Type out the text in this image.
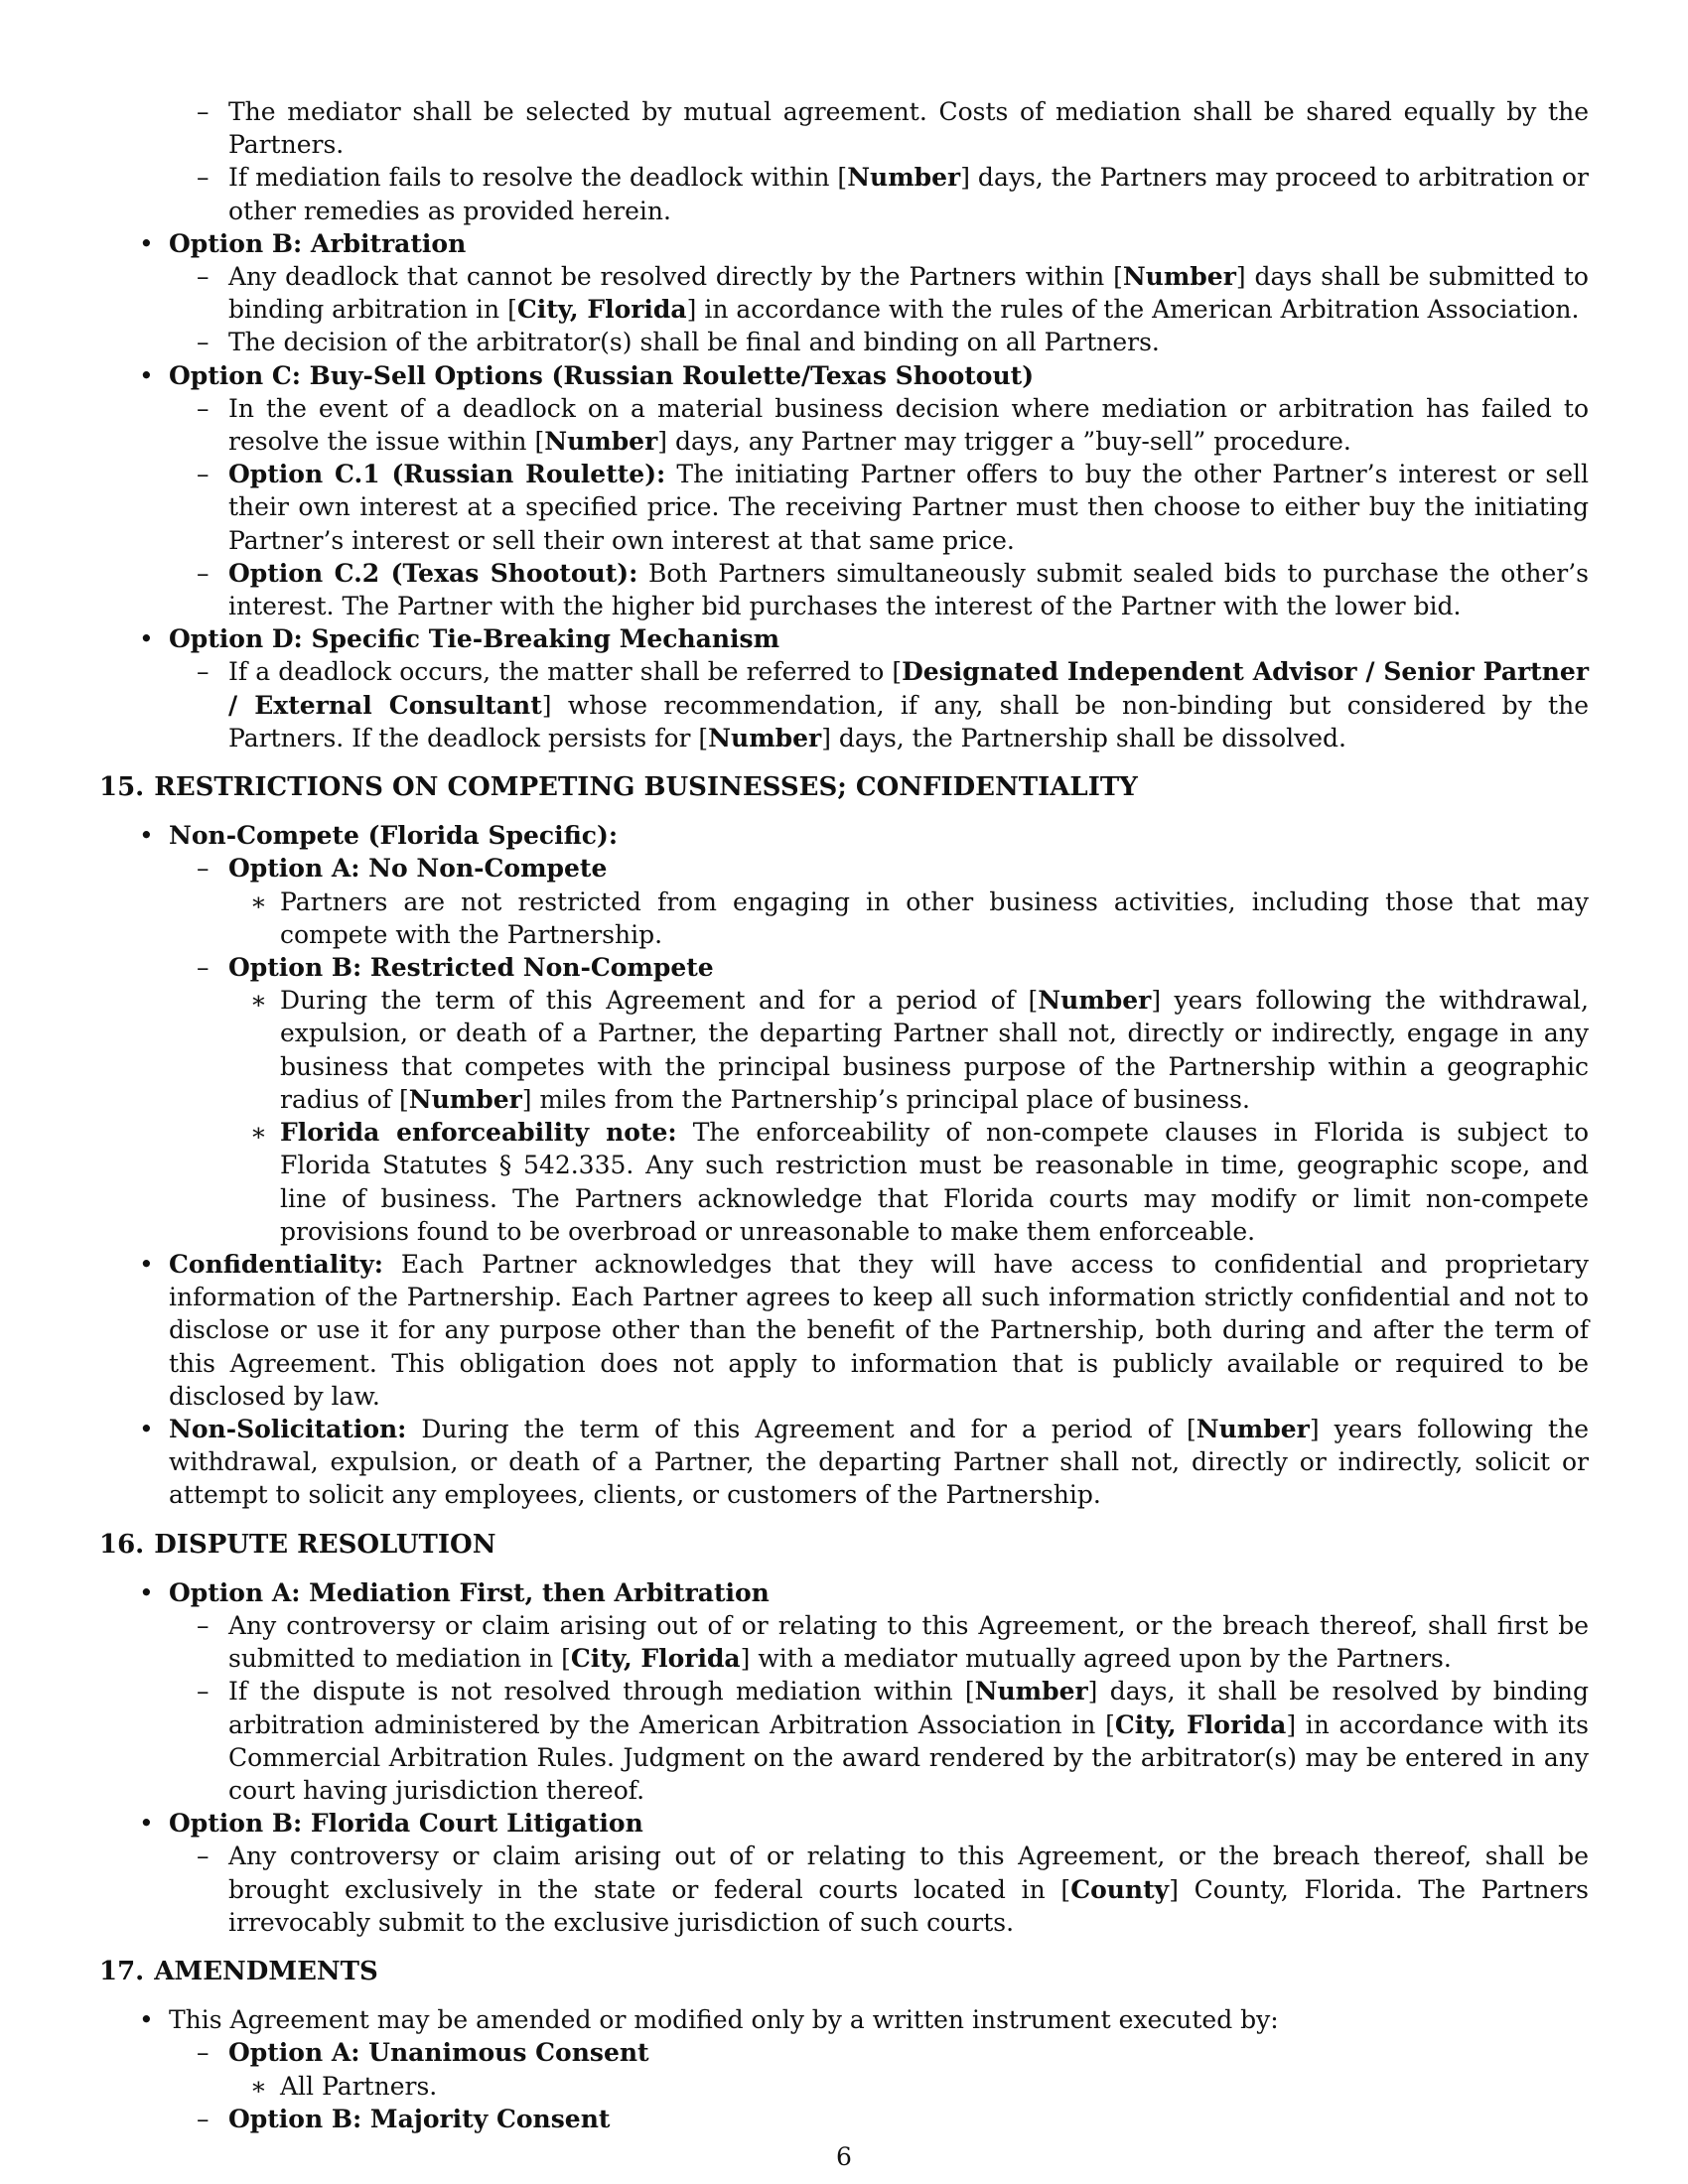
– The mediator shall be selected by mutual agreement. Costs of mediation shall be shared equally by the Partners.
– If mediation fails to resolve the deadlock within [Number] days, the Partners may proceed to arbitration or other remedies as provided herein.
• Option B: Arbitration
– Any deadlock that cannot be resolved directly by the Partners within [Number] days shall be submitted to binding arbitration in [City, Florida] in accordance with the rules of the American Arbitration Association.
– The decision of the arbitrator(s) shall be final and binding on all Partners.
• Option C: Buy-Sell Options (Russian Roulette/Texas Shootout)
– In the event of a deadlock on a material business decision where mediation or arbitration has failed to resolve the issue within [Number] days, any Partner may trigger a ”buy-sell” procedure.
– Option C.1 (Russian Roulette): The initiating Partner offers to buy the other Partner’s interest or sell their own interest at a specified price. The receiving Partner must then choose to either buy the initiating Partner’s interest or sell their own interest at that same price.
– Option C.2 (Texas Shootout): Both Partners simultaneously submit sealed bids to purchase the other’s interest. The Partner with the higher bid purchases the interest of the Partner with the lower bid.
• Option D: Specific Tie-Breaking Mechanism
– If a deadlock occurs, the matter shall be referred to [Designated Independent Advisor / Senior Partner / External Consultant] whose recommendation, if any, shall be non-binding but considered by the Partners. If the deadlock persists for [Number] days, the Partnership shall be dissolved.
15. RESTRICTIONS ON COMPETING BUSINESSES; CONFIDENTIALITY
• Non-Compete (Florida Specific):
– Option A: No Non-Compete
∗ Partners are not restricted from engaging in other business activities, including those that may compete with the Partnership.
– Option B: Restricted Non-Compete
∗ During the term of this Agreement and for a period of [Number] years following the withdrawal, expulsion, or death of a Partner, the departing Partner shall not, directly or indirectly, engage in any business that competes with the principal business purpose of the Partnership within a geographic radius of [Number] miles from the Partnership’s principal place of business.
∗ Florida enforceability note: The enforceability of non-compete clauses in Florida is subject to Florida Statutes § 542.335. Any such restriction must be reasonable in time, geographic scope, and line of business. The Partners acknowledge that Florida courts may modify or limit non-compete provisions found to be overbroad or unreasonable to make them enforceable.
• Confidentiality: Each Partner acknowledges that they will have access to confidential and proprietary information of the Partnership. Each Partner agrees to keep all such information strictly confidential and not to disclose or use it for any purpose other than the benefit of the Partnership, both during and after the term of this Agreement. This obligation does not apply to information that is publicly available or required to be disclosed by law.
• Non-Solicitation: During the term of this Agreement and for a period of [Number] years following the withdrawal, expulsion, or death of a Partner, the departing Partner shall not, directly or indirectly, solicit or attempt to solicit any employees, clients, or customers of the Partnership.
16. DISPUTE RESOLUTION
• Option A: Mediation First, then Arbitration
– Any controversy or claim arising out of or relating to this Agreement, or the breach thereof, shall first be submitted to mediation in [City, Florida] with a mediator mutually agreed upon by the Partners.
– If the dispute is not resolved through mediation within [Number] days, it shall be resolved by binding arbitration administered by the American Arbitration Association in [City, Florida] in accordance with its Commercial Arbitration Rules. Judgment on the award rendered by the arbitrator(s) may be entered in any court having jurisdiction thereof.
• Option B: Florida Court Litigation
– Any controversy or claim arising out of or relating to this Agreement, or the breach thereof, shall be brought exclusively in the state or federal courts located in [County] County, Florida. The Partners irrevocably submit to the exclusive jurisdiction of such courts.
17. AMENDMENTS
• This Agreement may be amended or modified only by a written instrument executed by:
– Option A: Unanimous Consent
∗ All Partners.
– Option B: Majority Consent
6
